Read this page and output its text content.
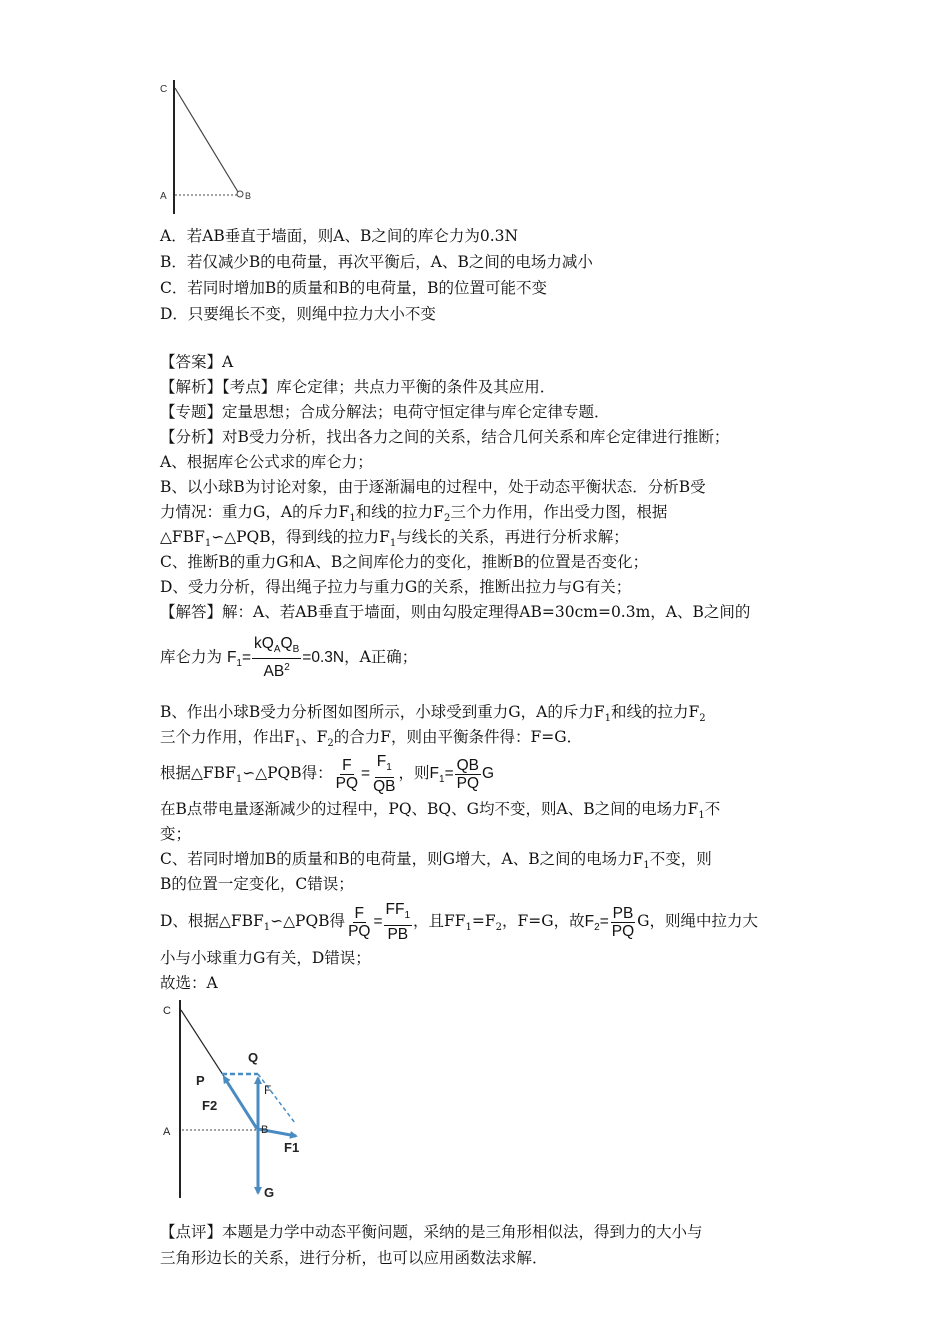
C
A	B
A．若AB垂直于墙面，则A、B之间的库仑力为0.3N
B．若仅减少B的电荷量，再次平衡后，A、B之间的电场力减小
C．若同时增加B的质量和B的电荷量，B的位置可能不变
D．只要绳长不变，则绳中拉力大小不变
【答案】A
【解析】【考点】库仑定律；共点力平衡的条件及其应用．
【专题】定量思想；合成分解法；电荷守恒定律与库仑定律专题．
【分析】对B受力分析，找出各力之间的关系，结合几何关系和库仑定律进行推断；
A、根据库仑公式求的库仑力；
B、以小球B为讨论对象，由于逐渐漏电的过程中，处于动态平衡状态．分析B受
力情况：重力G，A的斥力$F_1$和线的拉力$F_2$三个力作用，作出受力图，根据
$\triangle FBF_1∽\triangle PQB$，得到线的拉力$F_1$与线长的关系，再进行分析求解；
C、推断B的重力G和A、B之间库伦力的变化，推断B的位置是否变化；
D、受力分析，得出绳子拉力与重力G的关系，推断出拉力与G有关；
【解答】解：A、若AB垂直于墙面，则由勾股定理得AB=30cm=0.3m，A、B之间的
库仑力为 $F_1= \frac{kQ_AQ_B}{AB^2} =0.3N$，A正确；
B、作出小球B受力分析图如图所示，小球受到重力G，A的斥力$F_1$和线的拉力$F_2$
三个力作用，作出$F_1$、$F_2$的合力F，则由平衡条件得：F=G．
根据$\triangle FBF_1∽\triangle PQB$得： $\frac{F}{PQ} = \frac{F_1}{QB}$ ，则$F_1= \frac{QB}{PQ}$ G
在B点带电量逐渐减少的过程中，PQ、BQ、G均不变，则A、B之间的电场力$F_1$不
变；
C、若同时增加B的质量和B的电荷量，则G增大，A、B之间的电场力$F_1$不变，则
B的位置一定变化，C错误；
D、根据$\triangle FBF_1∽\triangle PQB$得 $\frac{F}{PQ} = \frac{FF_1}{PB}$ ，且$FF_1=F_2$，F=G，故$F_2= \frac{PB}{PQ}$ G，则绳中拉力大
小与小球重力G有关，D错误；
故选：A
C
Q
P
F
F2
A	B
F1
G
【点评】本题是力学中动态平衡问题，采纳的是三角形相似法，得到力的大小与
三角形边长的关系，进行分析，也可以应用函数法求解．
